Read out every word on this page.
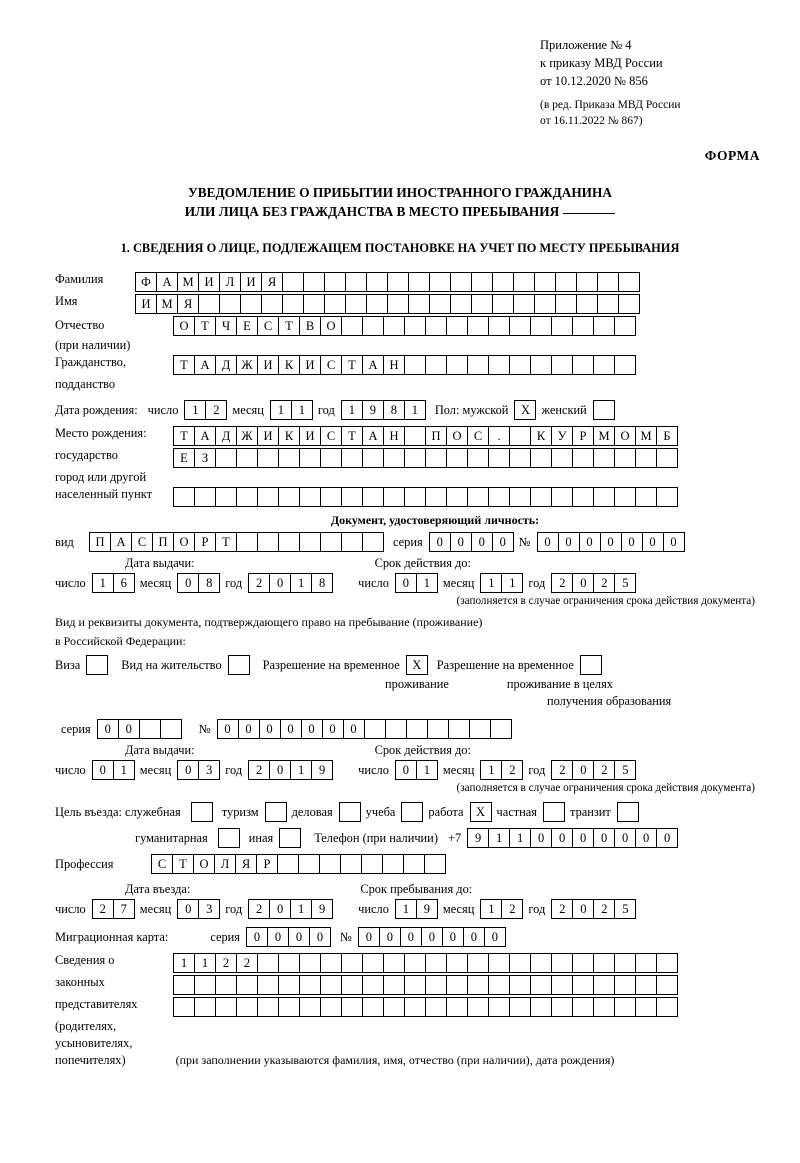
Приложение № 4
к приказу МВД России
от 10.12.2020 № 856
(в ред. Приказа МВД России
от 16.11.2022 № 867)
ФОРМА
УВЕДОМЛЕНИЕ О ПРИБЫТИИ ИНОСТРАННОГО ГРАЖДАНИНА
ИЛИ ЛИЦА БЕЗ ГРАЖДАНСТВА В МЕСТО ПРЕБЫВАНИЯ
1. СВЕДЕНИЯ О ЛИЦЕ, ПОДЛЕЖАЩЕМ ПОСТАНОВКЕ НА УЧЕТ ПО МЕСТУ ПРЕБЫВАНИЯ
Фамилия	Ф А М И Л И Я
Имя	И М Я
Отчество	О	Т	Ч	Е	С	Т	В О
(при наличии)
Гражданство,	Т	А Д Ж И К И С	Т	А Н
подданство
Дата рождения: число	1	2	месяц	1	1	год	1	9	8	1	Пол: мужской Х женский
Место рождения:	Т	А Д Ж И К И С	Т	А Н	П О С	.	К У	Р М О М Б
государство	Е	З
город или другой
населенный пункт
Документ, удостоверяющий личность:
вид	П А С П О	Р	Т	серия	0	0	0	0	№	0	0	0	0	0	0	0
Дата выдачи:	Срок действия до:
число	1	6	месяц	0	8	год	2	0	1	8	число	0	1	месяц	1	1	год	2	0	2	5
(заполняется в случае ограничения срока действия документа)
Вид и реквизиты документа, подтверждающего право на пребывание (проживание)
в Российской Федерации:
Виза	Вид на жительство	Разрешение на временное Х	Разрешение на временное
проживание	проживание в целях
получения образования
серия	0	0	№	0	0	0	0	0	0	0
Дата выдачи:	Срок действия до:
число	0	1	месяц	0	3	год	2	0	1	9	число	0	1	месяц	1	2	год	2	0	2	5
(заполняется в случае ограничения срока действия документа)
Цель въезда: служебная	туризм	деловая	учеба	работа Х частная	транзит
гуманитарная	иная	Телефон (при наличии) +7	9	1	1	0	0	0	0	0	0	0
Профессия	С	Т	О Л	Я	Р
Дата въезда:	Срок пребывания до:
число	2	7	месяц	0	3	год	2	0	1	9	число	1	9	месяц	1	2	год	2	0	2	5
Миграционная карта:	серия	0	0	0	0	№	0	0	0	0	0	0	0
Сведения о	1	1	2	2
законных
представителях
(родителях,
усыновителях,
попечителях)	(при заполнении указываются фамилия, имя, отчество (при наличии), дата рождения)
